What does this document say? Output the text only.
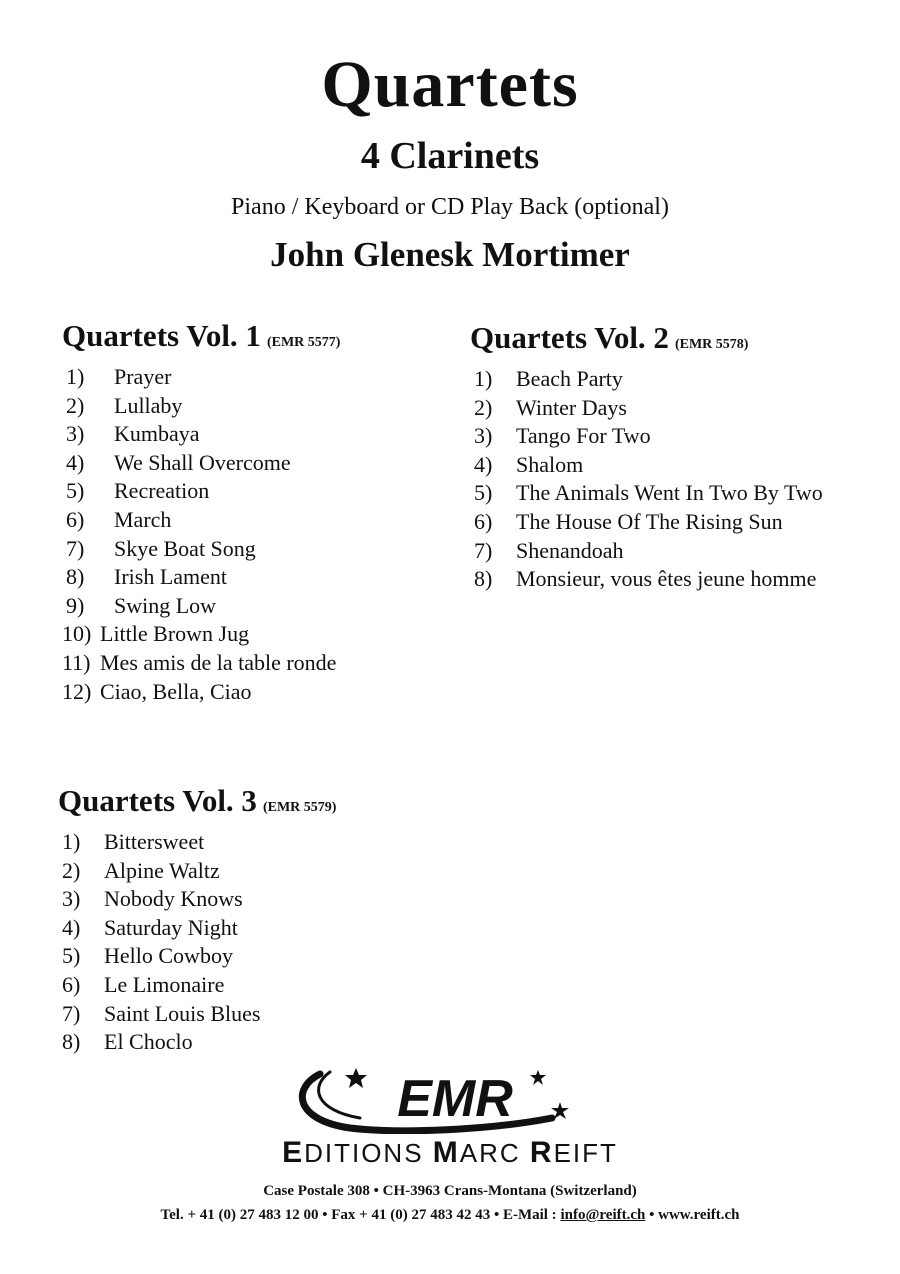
Quartets
4 Clarinets
Piano / Keyboard or CD Play Back (optional)
John Glenesk Mortimer
Quartets Vol. 1 (EMR 5577)
1)	Prayer
2)	Lullaby
3)	Kumbaya
4)	We Shall Overcome
5)	Recreation
6)	March
7)	Skye Boat Song
8)	Irish Lament
9)	Swing Low
10) Little Brown Jug
11) Mes amis de la table ronde
12) Ciao, Bella, Ciao
Quartets Vol. 2 (EMR 5578)
1)	Beach Party
2)	Winter Days
3)	Tango For Two
4)	Shalom
5)	The Animals Went In Two By Two
6)	The House Of The Rising Sun
7)	Shenandoah
8)	Monsieur, vous êtes jeune homme
Quartets Vol. 3 (EMR 5579)
1)	Bittersweet
2)	Alpine Waltz
3)	Nobody Knows
4)	Saturday Night
5)	Hello Cowboy
6)	Le Limonaire
7)	Saint Louis Blues
8)	El Choclo
EMR
EDITIONS MARC REIFT
Case Postale 308 • CH-3963 Crans-Montana (Switzerland)
Tel. + 41 (0) 27 483 12 00 • Fax + 41 (0) 27 483 42 43 • E-Mail : info@reift.ch • www.reift.ch
